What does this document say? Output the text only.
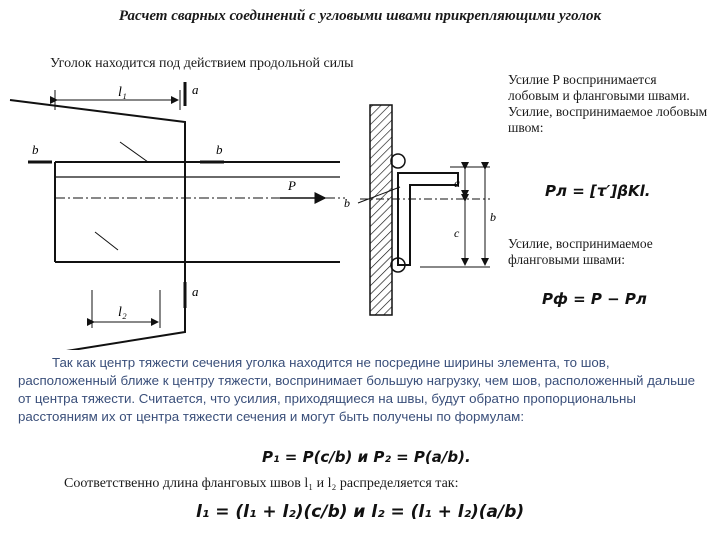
Расчет сварных соединений с угловыми швами прикрепляющими уголок
Уголок находится под действием продольной силы
l₁
l₂
a
a
b	b
P
b
a
c
b
Усилие P воспринимается лобовым и фланговыми швами. Усилие, воспринимаемое лобовым швом:
Pл = [τ′]βKl.
Усилие, воспринимаемое фланговыми швами:
Pф = P − Pл
Так как центр тяжести сечения уголка находится не посредине ширины элемента, то шов, расположенный ближе к центру тяжести, воспринимает большую нагрузку, чем шов, расположенный дальше от центра тяжести. Считается, что усилия, приходящиеся на швы, будут обратно пропорциональны расстояниям их от центра тяжести сечения и могут быть получены по формулам:
P₁ = P(c/b) и P₂ = P(a/b).
Соответственно длина фланговых швов l₁ и l₂ распределяется так:
l₁ = (l₁ + l₂)(c/b) и l₂ = (l₁ + l₂)(a/b)
